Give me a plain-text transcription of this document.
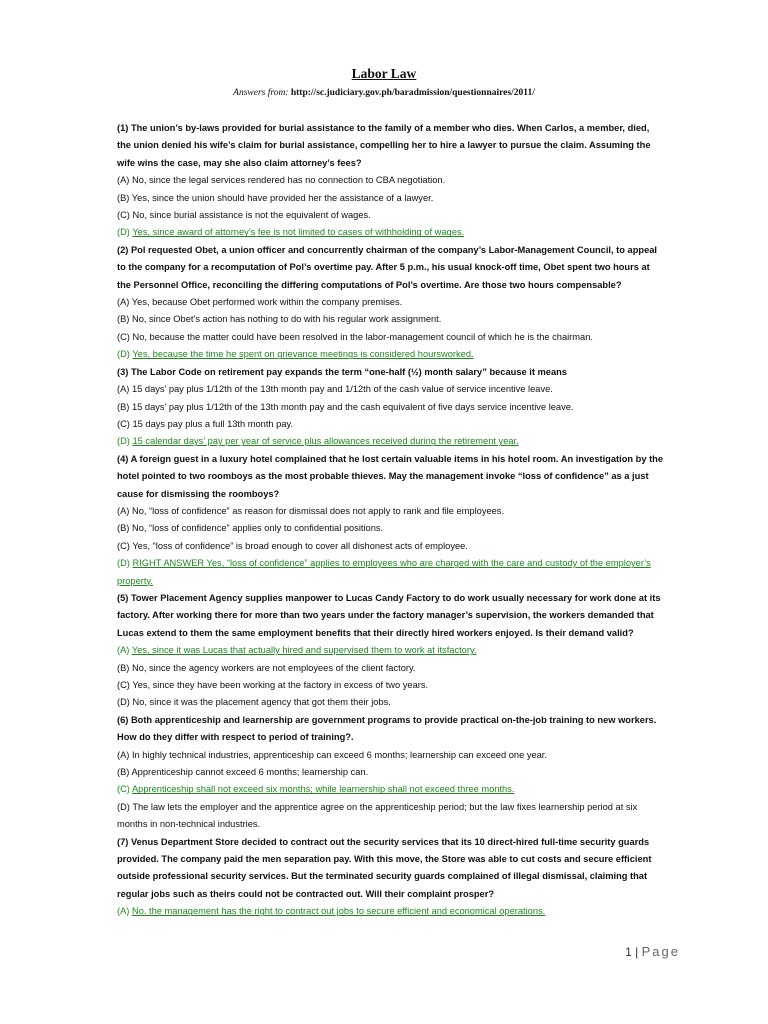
Labor Law
Answers from: http://sc.judiciary.gov.ph/baradmission/questionnaires/2011/
(1) The union’s by-laws provided for burial assistance to the family of a member who dies. When Carlos, a member, died, the union denied his wife’s claim for burial assistance, compelling her to hire a lawyer to pursue the claim. Assuming the wife wins the case, may she also claim attorney’s fees?
(A) No, since the legal services rendered has no connection to CBA negotiation.
(B) Yes, since the union should have provided her the assistance of a lawyer.
(C) No, since burial assistance is not the equivalent of wages.
(D) Yes, since award of attorney’s fee is not limited to cases of withholding of wages.
(2) Pol requested Obet, a union officer and concurrently chairman of the company’s Labor-Management Council, to appeal to the company for a recomputation of Pol’s overtime pay. After 5 p.m., his usual knock-off time, Obet spent two hours at the Personnel Office, reconciling the differing computations of Pol’s overtime. Are those two hours compensable?
(A) Yes, because Obet performed work within the company premises.
(B) No, since Obet’s action has nothing to do with his regular work assignment.
(C) No, because the matter could have been resolved in the labor-management council of which he is the chairman.
(D) Yes, because the time he spent on grievance meetings is considered hoursworked.
(3) The Labor Code on retirement pay expands the term “one-half (½) month salary” because it means
(A) 15 days’ pay plus 1/12th of the 13th month pay and 1/12th of the cash value of service incentive leave.
(B) 15 days’ pay plus 1/12th of the 13th month pay and the cash equivalent of five days service incentive leave.
(C) 15 days pay plus a full 13th month pay.
(D) 15 calendar days’ pay per year of service plus allowances received during the retirement year.
(4) A foreign guest in a luxury hotel complained that he lost certain valuable items in his hotel room. An investigation by the hotel pointed to two roomboys as the most probable thieves. May the management invoke “loss of confidence” as a just cause for dismissing the roomboys?
(A) No, “loss of confidence” as reason for dismissal does not apply to rank and file employees.
(B) No, “loss of confidence” applies only to confidential positions.
(C) Yes, “loss of confidence” is broad enough to cover all dishonest acts of employee.
(D) RIGHT ANSWER Yes, “loss of confidence” applies to employees who are charged with the care and custody of the employer’s property.
(5) Tower Placement Agency supplies manpower to Lucas Candy Factory to do work usually necessary for work done at its factory. After working there for more than two years under the factory manager’s supervision, the workers demanded that Lucas extend to them the same employment benefits that their directly hired workers enjoyed. Is their demand valid?
(A) Yes, since it was Lucas that actually hired and supervised them to work at itsfactory.
(B) No, since the agency workers are not employees of the client factory.
(C) Yes, since they have been working at the factory in excess of two years.
(D) No, since it was the placement agency that got them their jobs.
(6) Both apprenticeship and learnership are government programs to provide practical on-the-job training to new workers. How do they differ with respect to period of training?.
(A) In highly technical industries, apprenticeship can exceed 6 months; learnership can exceed one year.
(B) Apprenticeship cannot exceed 6 months; learnership can.
(C) Apprenticeship shall not exceed six months; while learnership shall not exceed three months.
(D) The law lets the employer and the apprentice agree on the apprenticeship period; but the law fixes learnership period at six months in non-technical industries.
(7) Venus Department Store decided to contract out the security services that its 10 direct-hired full-time security guards provided. The company paid the men separation pay. With this move, the Store was able to cut costs and secure efficient outside professional security services. But the terminated security guards complained of illegal dismissal, claiming that regular jobs such as theirs could not be contracted out. Will their complaint prosper?
(A) No. the management has the right to contract out jobs to secure efficient and economical operations.
1 | Page
